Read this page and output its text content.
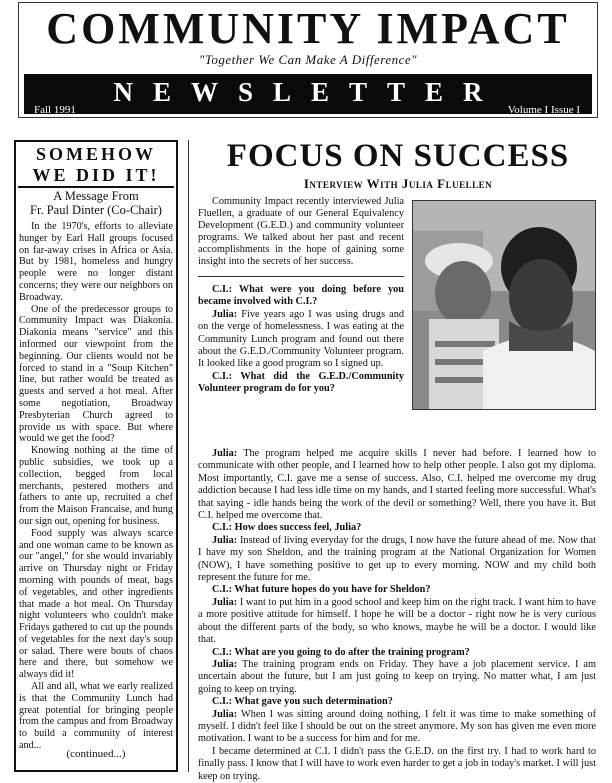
COMMUNITY IMPACT
"Together We Can Make A Difference"
NEWSLETTER
Fall 1991	Volume I Issue I
SOMEHOW
WE DID IT!
A Message From
Fr. Paul Dinter (Co-Chair)

In the 1970's, efforts to alleviate hunger by Earl Hall groups focused on far-away crises in Africa or Asia. But by 1981, homeless and hungry people were no longer distant concerns; they were our neighbors on Broadway.

One of the predecessor groups to Community Impact was Diakonia. Diakonia means "service" and this informed our viewpoint from the beginning. Our clients would not be forced to stand in a "Soup Kitchen" line, but rather would be treated as guests and served a hot meal. After some negotiation, Broadway Presbyterian Church agreed to provide us with space. But where would we get the food?

Knowing nothing at the time of public subsidies, we took up a collection, begged from local merchants, pestered mothers and fathers to ante up, recruited a chef from the Maison Francaise, and hung our sign out, opening for business.

Food supply was always scarce and one woman came to be known as our "angel," for she would invariably arrive on Thursday night or Friday morning with pounds of meat, bags of vegetables, and other ingredients that made a hot meal. On Thursday night volunteers who couldn't make Fridays gathered to cut up the pounds of vegetables for the next day's soup or salad. There were bouts of chaos here and there, but somehow we always did it!

All and all, what we early realized is that the Community Lunch had great potential for bringing people from the campus and from Broadway to build a community of interest and...

(continued...)
FOCUS ON SUCCESS
Interview With Julia Fluellen
Community Impact recently interviewed Julia Fluellen, a graduate of our General Equivalency Development (G.E.D.) and community volunteer programs. We talked about her past and recent accomplishments in the hope of gaining some insight into the secrets of her success.

C.I.: What were you doing before you became involved with C.I.?

Julia: Five years ago I was using drugs and on the verge of homelessness. I was eating at the Community Lunch program and found out there about the G.E.D./Community Volunteer program. It looked like a good program so I signed up.

C.I.: What did the G.E.D./Community Volunteer program do for you?

Julia: The program helped me acquire skills I never had before. I learned how to communicate with other people, and I learned how to help other people. I also got my diploma. Most importantly, C.I. gave me a sense of success. Also, C.I. helped me overcome my drug addiction because I had less idle time on my hands, and I started feeling more successful. What's that saying - idle hands being the work of the devil or something? Well, there you have it. But C.I. helped me overcome that.

C.I.: How does success feel, Julia?

Julia: Instead of living everyday for the drugs, I now have the future ahead of me. Now that I have my son Sheldon, and the training program at the National Organization for Women (NOW), I have something positive to get up to every morning. NOW and my child both represent the future for me.

C.I.: What future hopes do you have for Sheldon?

Julia: I want to put him in a good school and keep him on the right track. I want him to have a more positive attitude for himself. I hope he will be a doctor - right now he is very curious about the different parts of the body, so who knows, maybe he will be a doctor. I would like that.

C.I.: What are you going to do after the training program?

Julia: The training program ends on Friday. They have a job placement service. I am uncertain about the future, but I am just going to keep on trying. No matter what, I am just going to keep on trying.

C.I.: What gave you such determination?

Julia: When I was sitting around doing nothing, I felt it was time to make something of myself. I didn't feel like I should be out on the street anymore. My son has given me even more motivation. I want to be a success for him and for me.

I became determined at C.I. I didn't pass the G.E.D. on the first try. I had to work hard to finally pass. I know that I will have to work even harder to get a job in today's market. I will just keep on trying.
